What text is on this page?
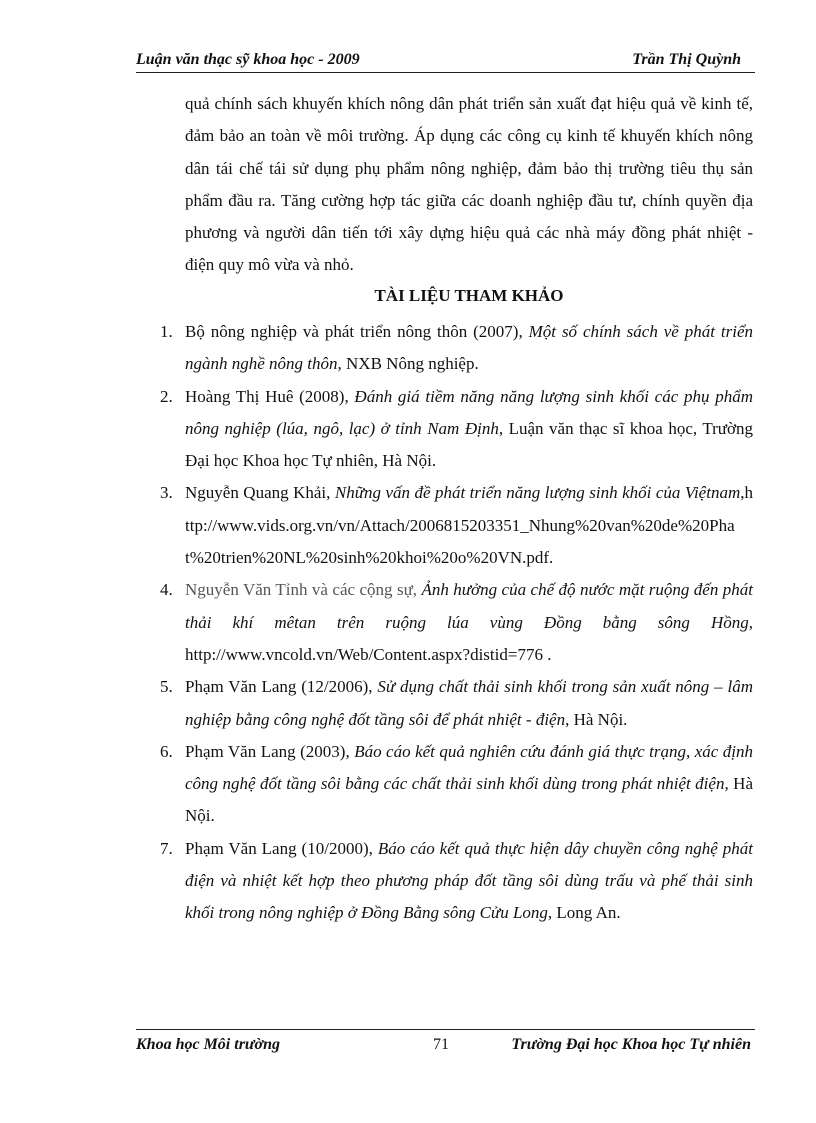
Luận văn thạc sỹ khoa học - 2009	Trần Thị Quỳnh

quả chính sách khuyến khích nông dân phát triển sản xuất đạt hiệu quả về kinh tế, đảm bảo an toàn về môi trường. Áp dụng các công cụ kinh tế khuyến khích nông dân tái chế tái sử dụng phụ phẩm nông nghiệp, đảm bảo thị trường tiêu thụ sản phẩm đầu ra. Tăng cường hợp tác giữa các doanh nghiệp đầu tư, chính quyền địa phương và người dân tiến tới xây dựng hiệu quả các nhà máy đồng phát nhiệt - điện quy mô vừa và nhỏ.

TÀI LIỆU THAM KHẢO
1. Bộ nông nghiệp và phát triển nông thôn (2007), Một số chính sách về phát triển ngành nghề nông thôn, NXB Nông nghiệp.
2. Hoàng Thị Huê (2008), Đánh giá tiềm năng năng lượng sinh khối các phụ phẩm nông nghiệp (lúa, ngô, lạc) ở tỉnh Nam Định, Luận văn thạc sĩ khoa học, Trường Đại học Khoa học Tự nhiên, Hà Nội.
3. Nguyễn Quang Khải, Những vấn đề phát triển năng lượng sinh khối của Việtnam,http://www.vids.org.vn/vn/Attach/2006815203351_Nhung%20van%20de%20Phat%20trien%20NL%20sinh%20khoi%20o%20VN.pdf.
4. Nguyễn Văn Tỉnh và các cộng sự, Ảnh hưởng của chế độ nước mặt ruộng đến phát thải khí mêtan trên ruộng lúa vùng Đồng bằng sông Hồng, http://www.vncold.vn/Web/Content.aspx?distid=776 .
5. Phạm Văn Lang (12/2006), Sử dụng chất thải sinh khối trong sản xuất nông – lâm nghiệp bằng công nghệ đốt tầng sôi để phát nhiệt - điện, Hà Nội.
6. Phạm Văn Lang (2003), Báo cáo kết quả nghiên cứu đánh giá thực trạng, xác định công nghệ đốt tầng sôi bằng các chất thải sinh khối dùng trong phát nhiệt điện, Hà Nội.
7. Phạm Văn Lang (10/2000), Báo cáo kết quả thực hiện dây chuyền công nghệ phát điện và nhiệt kết hợp theo phương pháp đốt tầng sôi dùng trấu và phế thải sinh khối trong nông nghiệp ở Đồng Bằng sông Cửu Long, Long An.
Khoa học Môi trường	71	Trường Đại học Khoa học Tự nhiên
